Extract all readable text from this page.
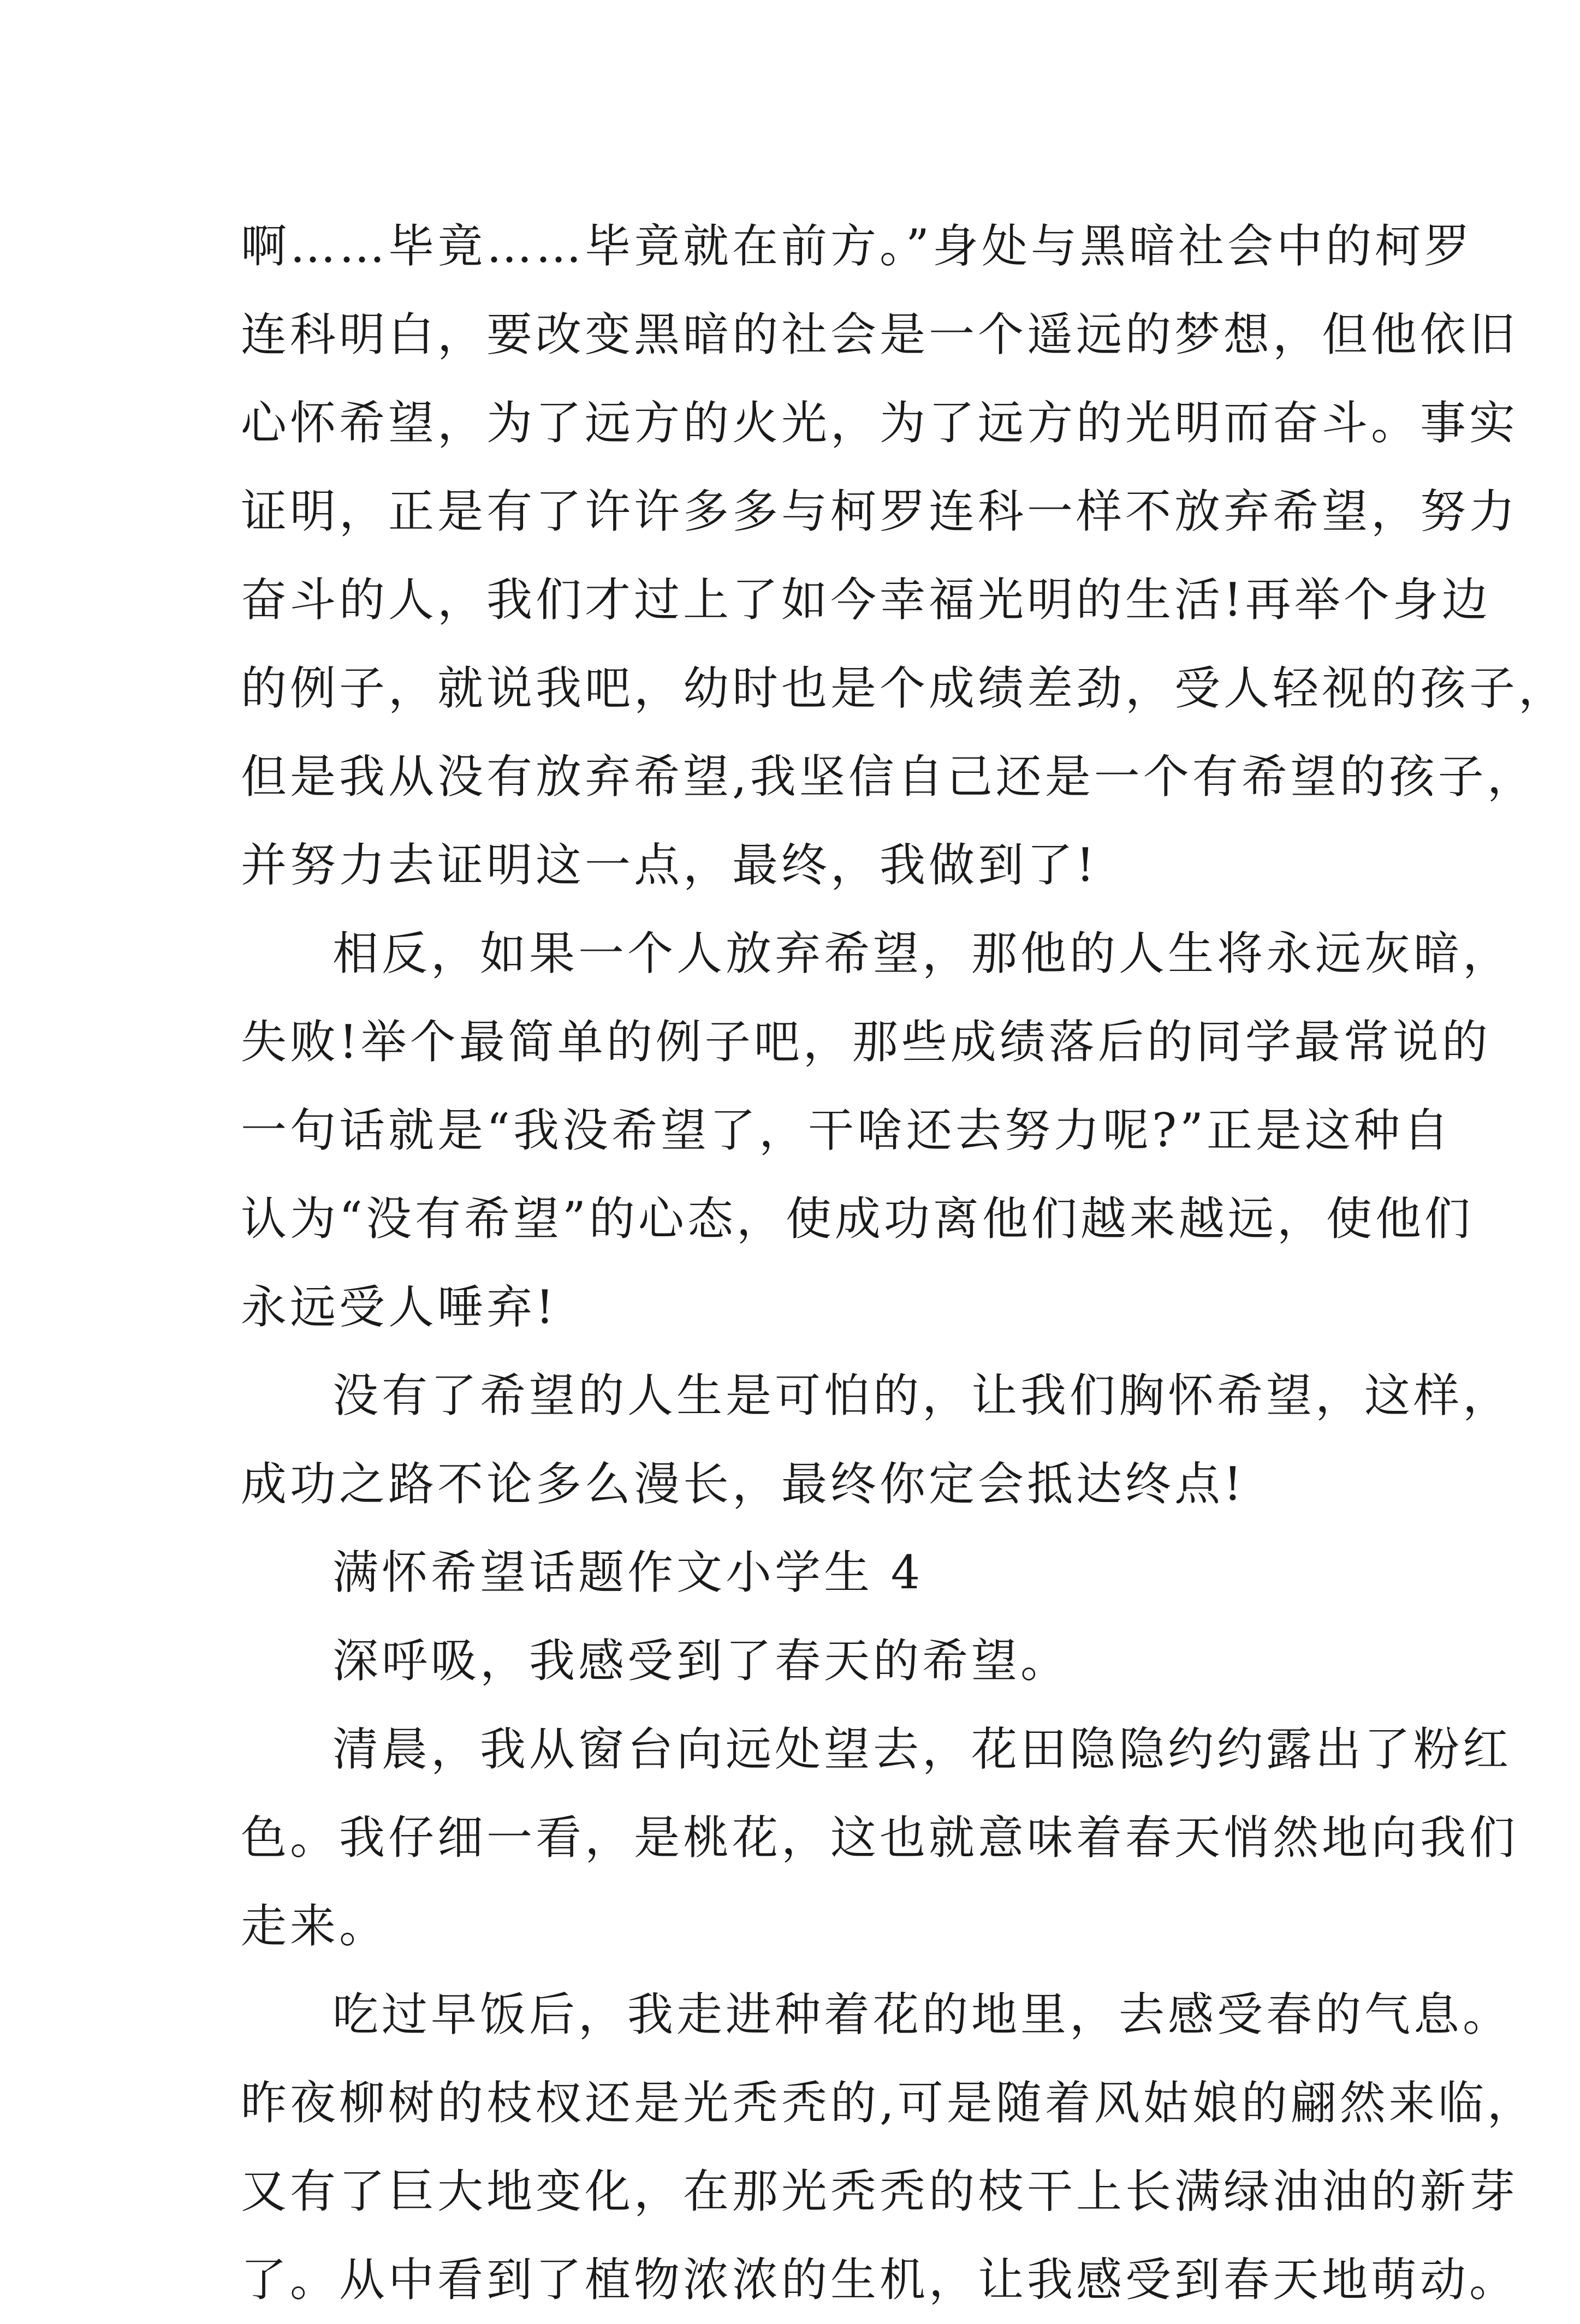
啊……毕竟……毕竟就在前方。”身处与黑暗社会中的柯罗
连科明白，要改变黑暗的社会是一个遥远的梦想，但他依旧
心怀希望，为了远方的火光，为了远方的光明而奋斗。事实
证明，正是有了许许多多与柯罗连科一样不放弃希望，努力
奋斗的人，我们才过上了如今幸福光明的生活!再举个身边
的例子，就说我吧，幼时也是个成绩差劲，受人轻视的孩子，
但是我从没有放弃希望,我坚信自己还是一个有希望的孩子，
并努力去证明这一点，最终，我做到了!
相反，如果一个人放弃希望，那他的人生将永远灰暗，
失败!举个最简单的例子吧，那些成绩落后的同学最常说的
一句话就是“我没希望了，干啥还去努力呢?”正是这种自
认为“没有希望”的心态，使成功离他们越来越远，使他们
永远受人唾弃!
没有了希望的人生是可怕的，让我们胸怀希望，这样，
成功之路不论多么漫长，最终你定会抵达终点!
满怀希望话题作文小学生 4
深呼吸，我感受到了春天的希望。
清晨，我从窗台向远处望去，花田隐隐约约露出了粉红
色。我仔细一看，是桃花，这也就意味着春天悄然地向我们
走来。
吃过早饭后，我走进种着花的地里，去感受春的气息。
昨夜柳树的枝杈还是光秃秃的,可是随着风姑娘的翩然来临，
又有了巨大地变化，在那光秃秃的枝干上长满绿油油的新芽
了。从中看到了植物浓浓的生机，让我感受到春天地萌动。
